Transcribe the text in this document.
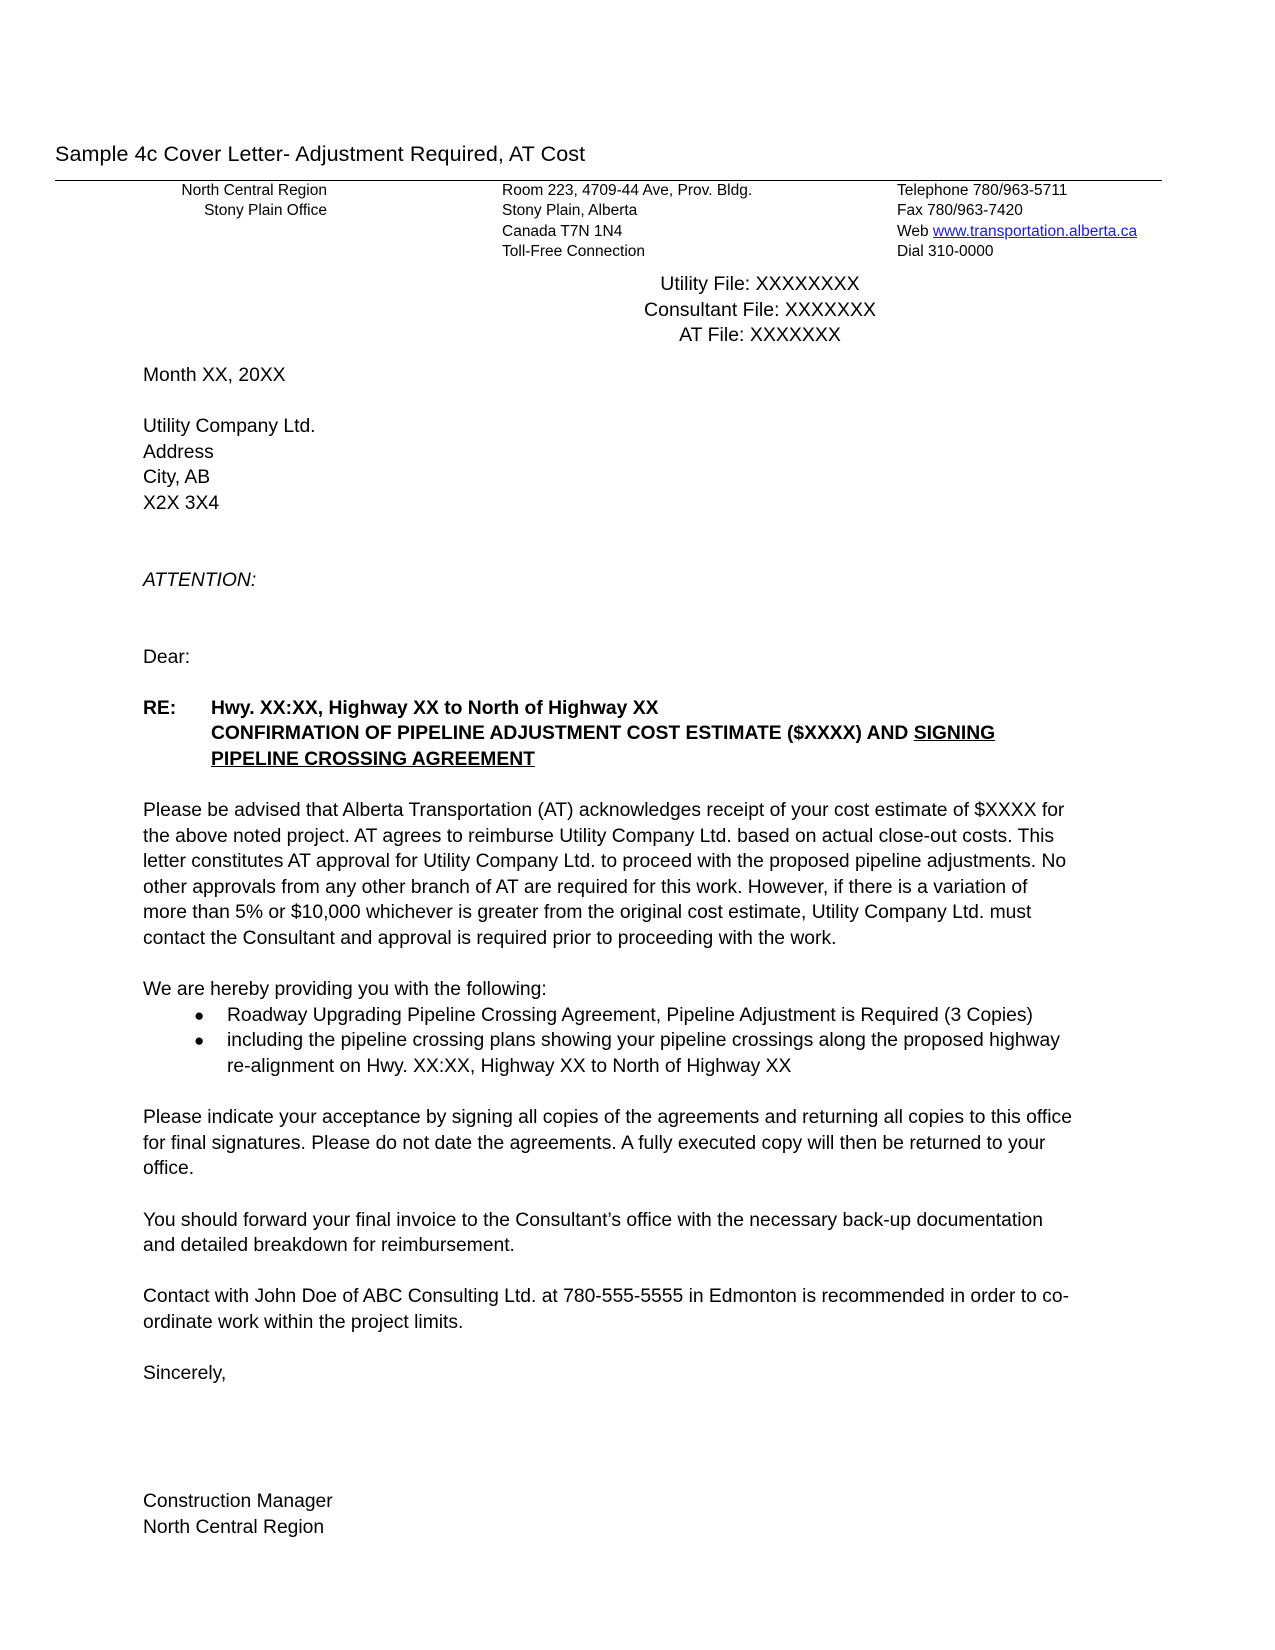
Sample 4c Cover Letter- Adjustment Required, AT Cost
North Central Region
Stony Plain Office
Room 223, 4709-44 Ave, Prov. Bldg.
Stony Plain, Alberta
Canada T7N 1N4
Toll-Free Connection
Telephone 780/963-5711
Fax 780/963-7420
Web www.transportation.alberta.ca
Dial 310-0000
Utility File: XXXXXXXX
Consultant File: XXXXXXX
AT File: XXXXXXX
Month XX, 20XX
Utility Company Ltd.
Address
City, AB
X2X 3X4
ATTENTION:
Dear:
RE:	Hwy. XX:XX, Highway XX to North of Highway XX
CONFIRMATION OF PIPELINE ADJUSTMENT COST ESTIMATE ($XXXX) AND SIGNING
PIPELINE CROSSING AGREEMENT
Please be advised that Alberta Transportation (AT) acknowledges receipt of your cost estimate of $XXXX for the above noted project. AT agrees to reimburse Utility Company Ltd. based on actual close-out costs. This letter constitutes AT approval for Utility Company Ltd. to proceed with the proposed pipeline adjustments. No other approvals from any other branch of AT are required for this work. However, if there is a variation of more than 5% or $10,000 whichever is greater from the original cost estimate, Utility Company Ltd. must contact the Consultant and approval is required prior to proceeding with the work.
We are hereby providing you with the following:
● Roadway Upgrading Pipeline Crossing Agreement, Pipeline Adjustment is Required (3 Copies)
● including the pipeline crossing plans showing your pipeline crossings along the proposed highway re-alignment on Hwy. XX:XX, Highway XX to North of Highway XX
Please indicate your acceptance by signing all copies of the agreements and returning all copies to this office for final signatures. Please do not date the agreements. A fully executed copy will then be returned to your office.
You should forward your final invoice to the Consultant’s office with the necessary back-up documentation and detailed breakdown for reimbursement.
Contact with John Doe of ABC Consulting Ltd. at 780-555-5555 in Edmonton is recommended in order to co-ordinate work within the project limits.
Sincerely,
Construction Manager
North Central Region
